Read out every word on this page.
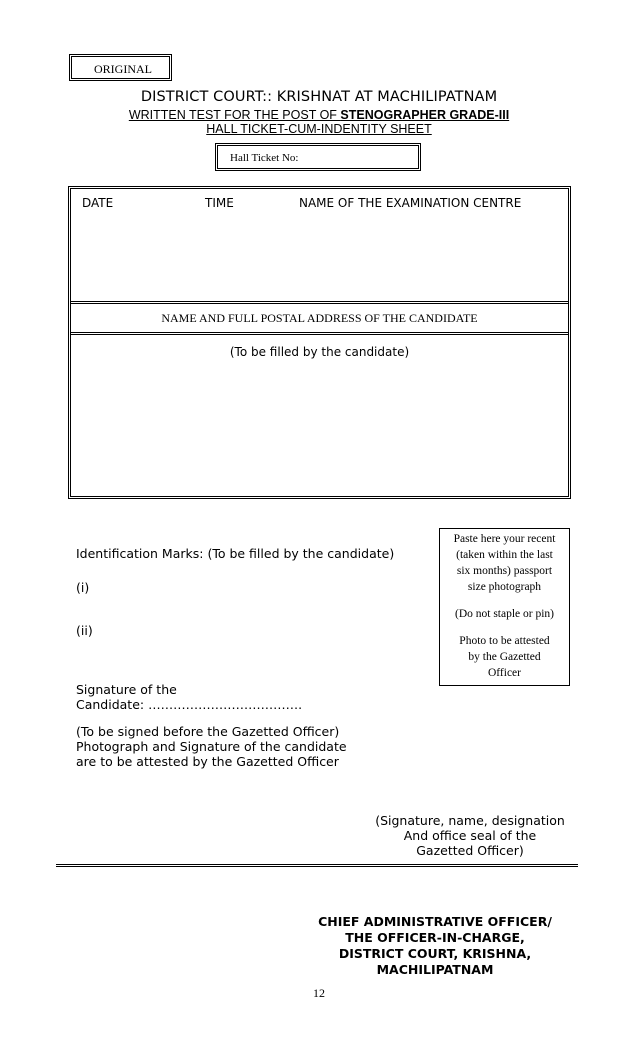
ORIGINAL
DISTRICT COURT:: KRISHNAT AT MACHILIPATNAM
WRITTEN TEST FOR THE POST OF STENOGRAPHER GRADE-III
HALL TICKET-CUM-INDENTITY SHEET
Hall Ticket No:
DATE	TIME	NAME OF THE EXAMINATION CENTRE
NAME AND FULL POSTAL ADDRESS OF THE CANDIDATE
(To be filled by the candidate)

Paste here your recent

(taken within the last

six months) passport

size photograph

(Do not staple or pin)

Photo to be attested

by the Gazetted

Officer

Identification Marks: (To be filled by the candidate)
(i)
(ii)
Signature of the
Candidate: ……………………………….
(To be signed before the Gazetted Officer)
Photograph and Signature of the candidate
are to be attested by the Gazetted Officer
(Signature, name, designation
And office seal of the
Gazetted Officer)
CHIEF ADMINISTRATIVE OFFICER/
THE OFFICER-IN-CHARGE,
DISTRICT COURT, KRISHNA,
MACHILIPATNAM
12
